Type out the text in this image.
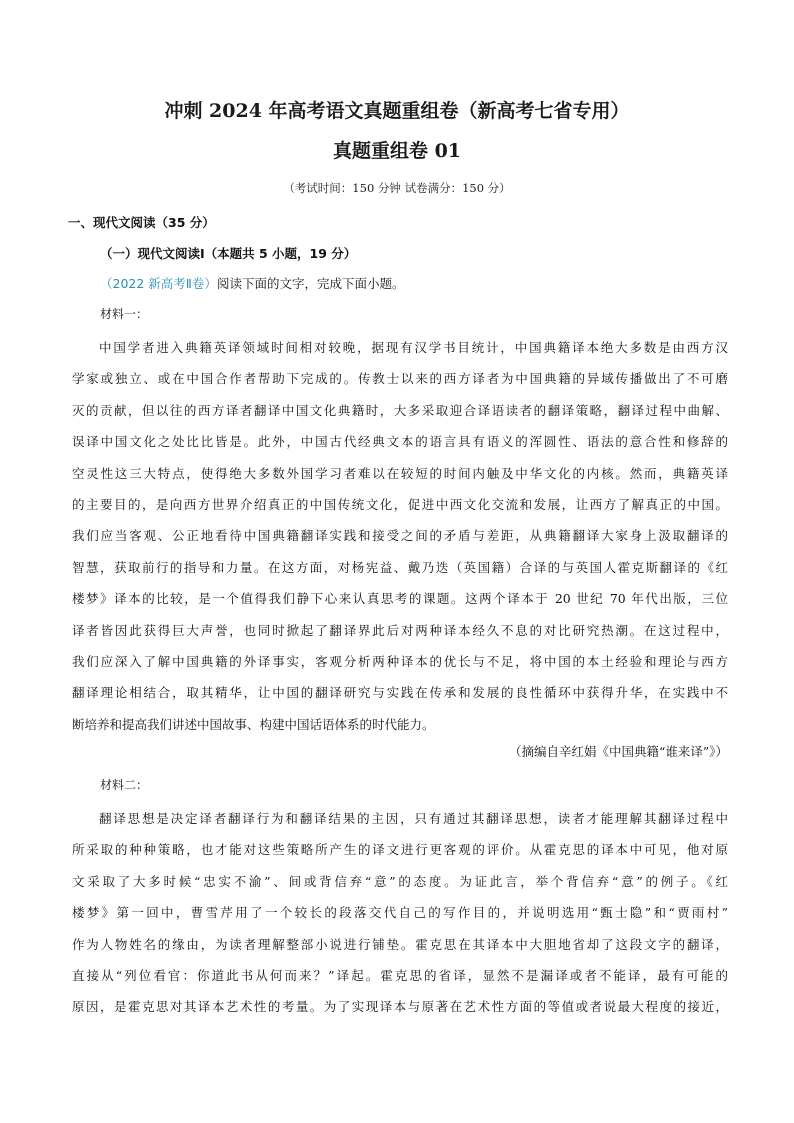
冲刺 2024 年高考语文真题重组卷（新高考七省专用）
真题重组卷 01
（考试时间：150 分钟 试卷满分：150 分）
一、现代文阅读（35 分）
（一）现代文阅读Ⅰ（本题共 5 小题，19 分）
（2022 新高考Ⅱ卷）阅读下面的文字，完成下面小题。
材料一：
中国学者进入典籍英译领域时间相对较晚，据现有汉学书目统计，中国典籍译本绝大多数是由西方汉
学家或独立、或在中国合作者帮助下完成的。传教士以来的西方译者为中国典籍的异域传播做出了不可磨
灭的贡献，但以往的西方译者翻译中国文化典籍时，大多采取迎合译语读者的翻译策略，翻译过程中曲解、
误译中国文化之处比比皆是。此外，中国古代经典文本的语言具有语义的浑圆性、语法的意合性和修辞的
空灵性这三大特点，使得绝大多数外国学习者难以在较短的时间内触及中华文化的内核。然而，典籍英译
的主要目的，是向西方世界介绍真正的中国传统文化，促进中西文化交流和发展，让西方了解真正的中国。
我们应当客观、公正地看待中国典籍翻译实践和接受之间的矛盾与差距，从典籍翻译大家身上汲取翻译的
智慧，获取前行的指导和力量。在这方面，对杨宪益、戴乃迭（英国籍）合译的与英国人霍克斯翻译的《红
楼梦》译本的比较，是一个值得我们静下心来认真思考的课题。这两个译本于 20 世纪 70 年代出版，三位
译者皆因此获得巨大声誉，也同时掀起了翻译界此后对两种译本经久不息的对比研究热潮。在这过程中，
我们应深入了解中国典籍的外译事实，客观分析两种译本的优长与不足，将中国的本土经验和理论与西方
翻译理论相结合，取其精华，让中国的翻译研究与实践在传承和发展的良性循环中获得升华，在实践中不
断培养和提高我们讲述中国故事、构建中国话语体系的时代能力。
（摘编自辛红娟《中国典籍“谁来译”》）
材料二：
翻译思想是决定译者翻译行为和翻译结果的主因，只有通过其翻译思想，读者才能理解其翻译过程中
所采取的种种策略，也才能对这些策略所产生的译文进行更客观的评价。从霍克思的译本中可见，他对原
文采取了大多时候“忠实不渝”、间或背信弃“意”的态度。为证此言，举个背信弃“意”的例子。《红
楼梦》第一回中，曹雪芹用了一个较长的段落交代自己的写作目的，并说明选用“甄士隐”和“贾雨村”
作为人物姓名的缘由，为读者理解整部小说进行铺垫。霍克思在其译本中大胆地省却了这段文字的翻译，
直接从“列位看官：你道此书从何而来？”译起。霍克思的省译，显然不是漏译或者不能译，最有可能的
原因，是霍克思对其译本艺术性的考量。为了实现译本与原著在艺术性方面的等值或者说最大程度的接近，
